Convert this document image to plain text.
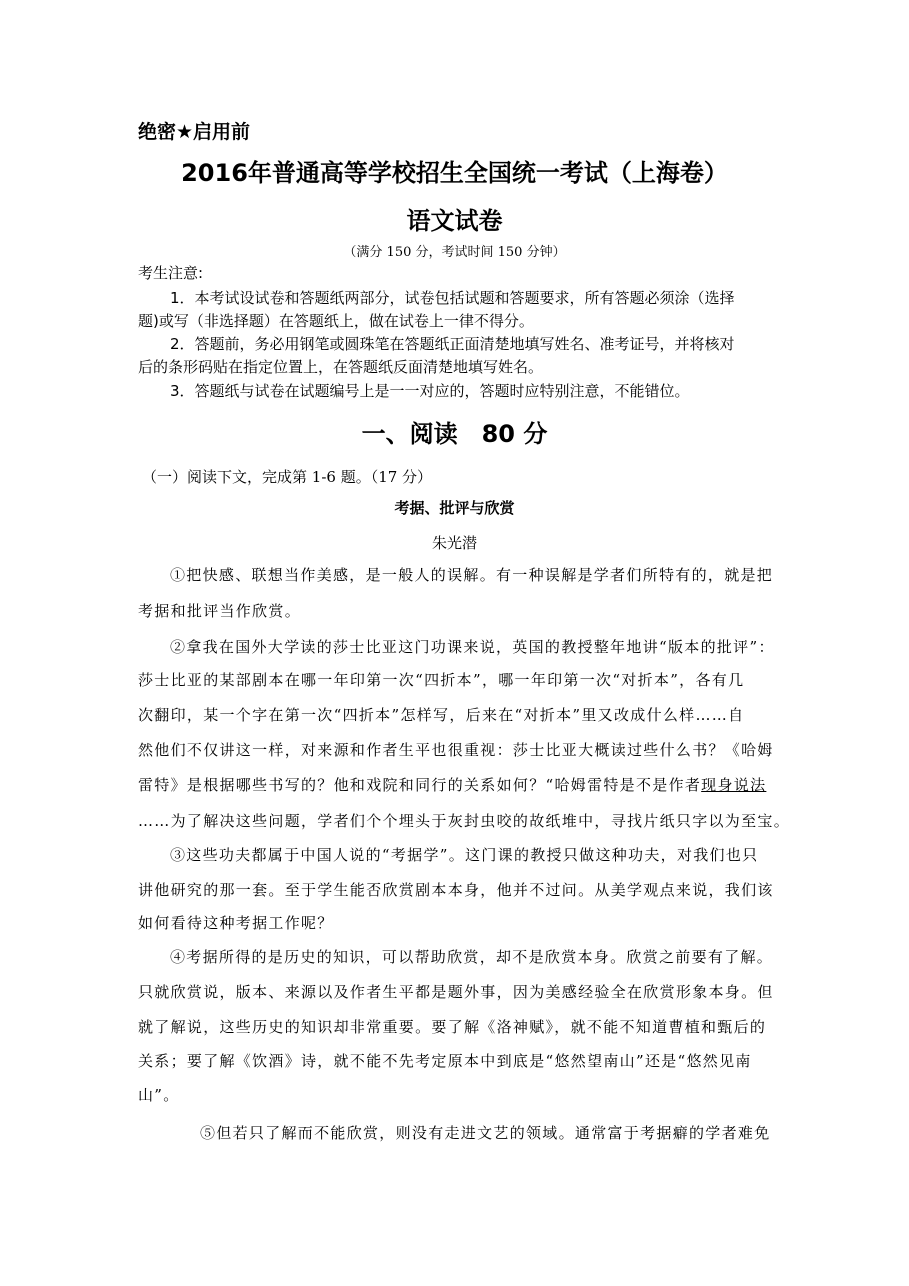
绝密★启用前
2016年普通高等学校招生全国统一考试（上海卷）
语文试卷
（满分 150 分，考试时间 150 分钟）
考生注意:
1．本考试设试卷和答题纸两部分，试卷包括试题和答题要求，所有答题必须涂（选择
题)或写（非选择题）在答题纸上，做在试卷上一律不得分。
2．答题前，务必用钢笔或圆珠笔在答题纸正面清楚地填写姓名、准考证号，并将核对
后的条形码贴在指定位置上，在答题纸反面清楚地填写姓名。
3．答题纸与试卷在试题编号上是一一对应的，答题时应特别注意，不能错位。
一、阅读　80 分
（一）阅读下文，完成第 1-6 题。（17 分）
考据、批评与欣赏
朱光潜
①把快感、联想当作美感，是一般人的误解。有一种误解是学者们所特有的，就是把
考据和批评当作欣赏。
②拿我在国外大学读的莎士比亚这门功课来说，英国的教授整年地讲“版本的批评”：
莎士比亚的某部剧本在哪一年印第一次“四折本”，哪一年印第一次“对折本”，各有几
次翻印，某一个字在第一次“四折本”怎样写，后来在“对折本”里又改成什么样……自
然他们不仅讲这一样，对来源和作者生平也很重视：莎士比亚大概读过些什么书？《哈姆
雷特》是根据哪些书写的？他和戏院和同行的关系如何？“哈姆雷特是不是作者现身说法
……为了解决这些问题，学者们个个埋头于灰封虫咬的故纸堆中，寻找片纸只字以为至宝。
③这些功夫都属于中国人说的“考据学”。这门课的教授只做这种功夫，对我们也只
讲他研究的那一套。至于学生能否欣赏剧本本身，他并不过问。从美学观点来说，我们该
如何看待这种考据工作呢？
④考据所得的是历史的知识，可以帮助欣赏，却不是欣赏本身。欣赏之前要有了解。
只就欣赏说，版本、来源以及作者生平都是题外事，因为美感经验全在欣赏形象本身。但
就了解说，这些历史的知识却非常重要。要了解《洛神赋》，就不能不知道曹植和甄后的
关系；要了解《饮酒》诗，就不能不先考定原本中到底是“悠然望南山”还是“悠然见南
山”。
⑤但若只了解而不能欣赏，则没有走进文艺的领域。通常富于考据癖的学者难免
